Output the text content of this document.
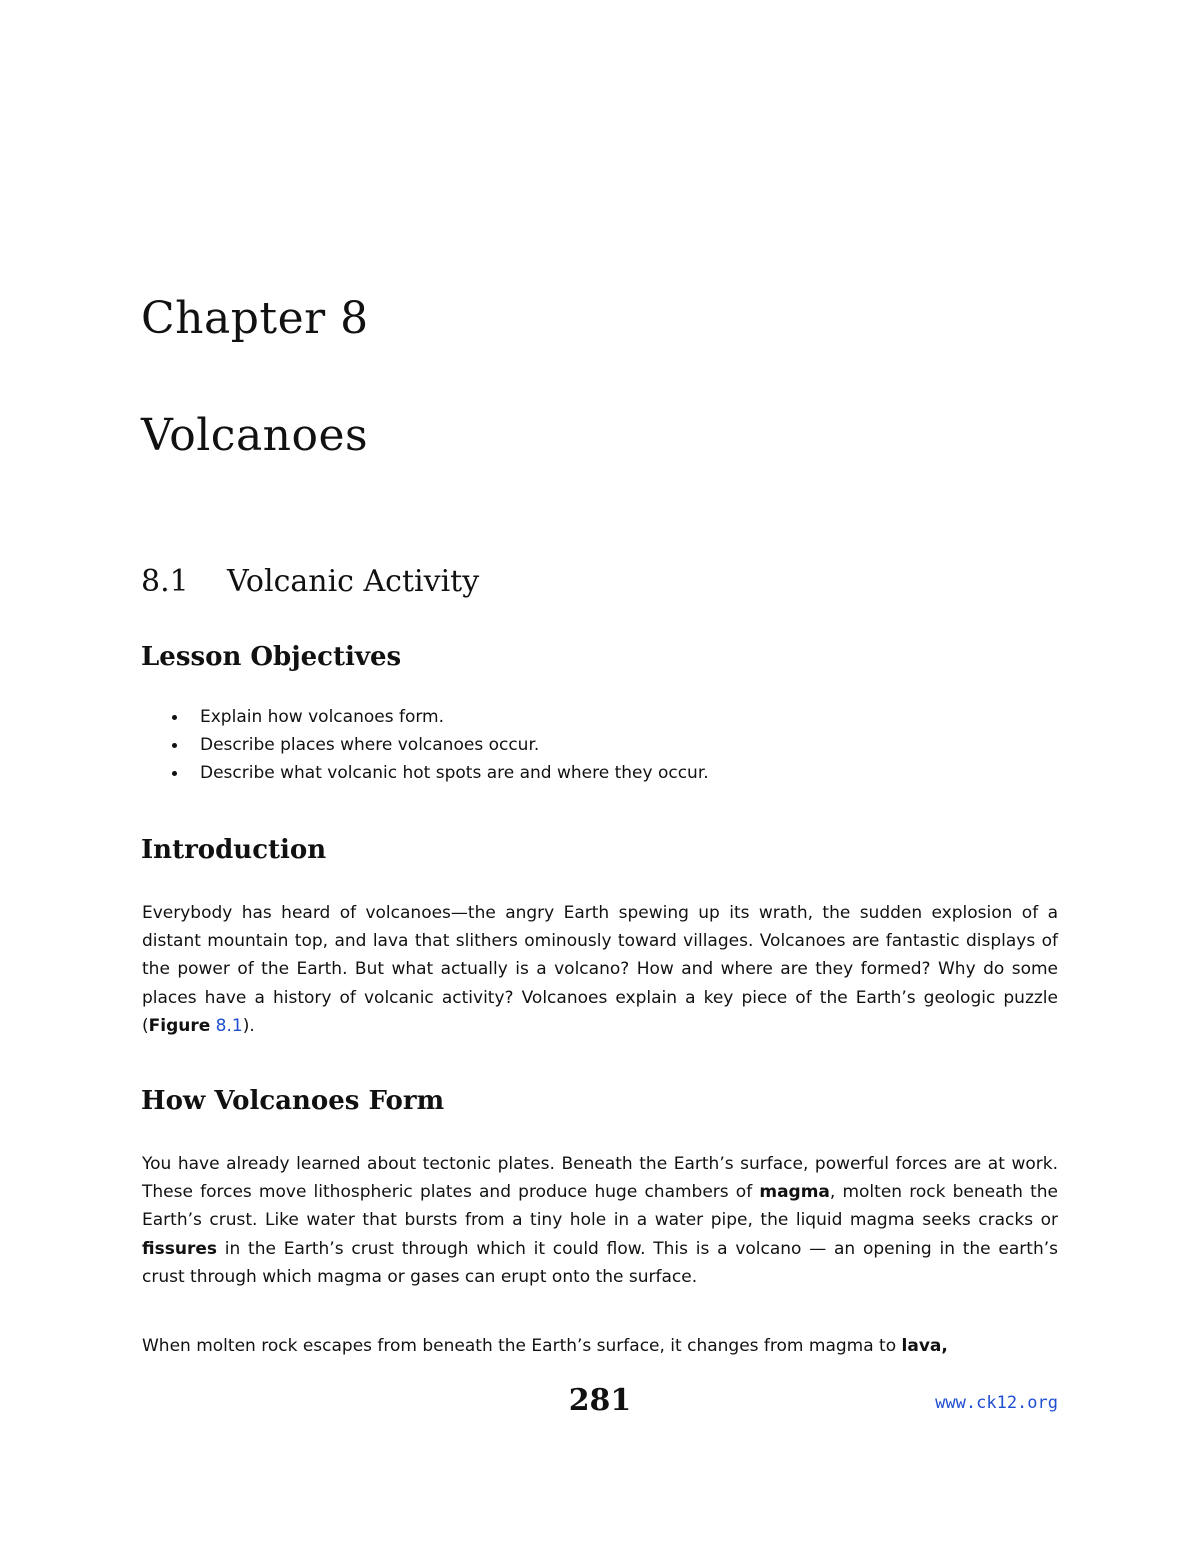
Chapter 8
Volcanoes
8.1 Volcanic Activity
Lesson Objectives
Explain how volcanoes form.
Describe places where volcanoes occur.
Describe what volcanic hot spots are and where they occur.
Introduction
Everybody has heard of volcanoes—the angry Earth spewing up its wrath, the sudden explosion of a distant mountain top, and lava that slithers ominously toward villages. Volcanoes are fantastic displays of the power of the Earth. But what actually is a volcano? How and where are they formed? Why do some places have a history of volcanic activity? Volcanoes explain a key piece of the Earth’s geologic puzzle (Figure 8.1).
How Volcanoes Form
You have already learned about tectonic plates. Beneath the Earth’s surface, powerful forces are at work. These forces move lithospheric plates and produce huge chambers of magma, molten rock beneath the Earth’s crust. Like water that bursts from a tiny hole in a water pipe, the liquid magma seeks cracks or fissures in the Earth’s crust through which it could flow. This is a volcano — an opening in the earth’s crust through which magma or gases can erupt onto the surface.
When molten rock escapes from beneath the Earth’s surface, it changes from magma to lava,
281	www.ck12.org
